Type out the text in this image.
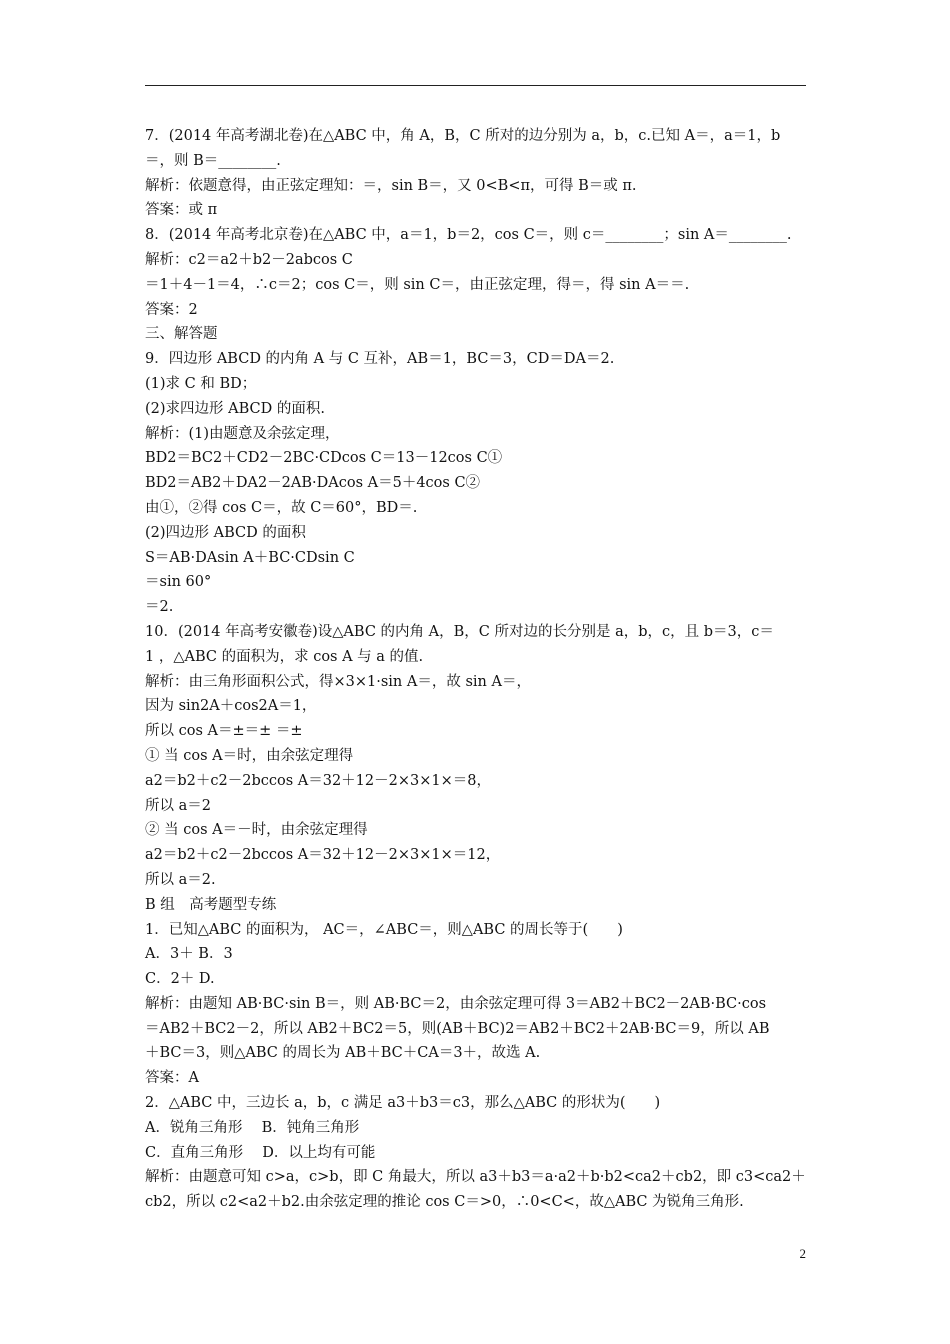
7．(2014 年高考湖北卷)在△ABC 中，角 A，B，C 所对的边分别为 a，b，c.已知 A＝，a＝1，b
＝，则 B＝________.
解析：依题意得，由正弦定理知：＝，sin B＝，又 0<B<π，可得 B＝或 π.
答案：或 π
8．(2014 年高考北京卷)在△ABC 中，a＝1，b＝2，cos C＝，则 c＝________；sin A＝________.
解析：c2＝a2＋b2－2abcos C
＝1＋4－1＝4，∴c＝2；cos C＝，则 sin C＝，由正弦定理，得＝，得 sin A＝＝.
答案：2
三、解答题
9．四边形 ABCD 的内角 A 与 C 互补，AB＝1，BC＝3，CD＝DA＝2.
(1)求 C 和 BD；
(2)求四边形 ABCD 的面积.
解析：(1)由题意及余弦定理，
BD2＝BC2＋CD2－2BC·CDcos C＝13－12cos C①
BD2＝AB2＋DA2－2AB·DAcos A＝5＋4cos C②
由①，②得 cos C＝，故 C＝60°，BD＝.
(2)四边形 ABCD 的面积
S＝AB·DAsin A＋BC·CDsin C
＝sin 60°
＝2.
10．(2014 年高考安徽卷)设△ABC 的内角 A，B，C 所对边的长分别是 a，b，c，且 b＝3，c＝
1 ，△ABC 的面积为，求 cos A 与 a 的值.
解析：由三角形面积公式，得×3×1·sin A＝，故 sin A＝，
因为 sin2A＋cos2A＝1，
所以 cos A＝±＝± ＝±
① 当 cos A＝时，由余弦定理得
a2＝b2＋c2－2bccos A＝32＋12－2×3×1×＝8，
所以 a＝2
② 当 cos A＝－时，由余弦定理得
a2＝b2＋c2－2bccos A＝32＋12－2×3×1×＝12，
所以 a＝2.
B 组　高考题型专练
1．已知△ABC 的面积为， AC＝，∠ABC＝，则△ABC 的周长等于(　　)
A．3＋ B．3
C．2＋ D.
解析：由题知 AB·BC·sin B＝，则 AB·BC＝2，由余弦定理可得 3＝AB2＋BC2－2AB·BC·cos
＝AB2＋BC2－2，所以 AB2＋BC2＝5，则(AB＋BC)2＝AB2＋BC2＋2AB·BC＝9，所以 AB
＋BC＝3，则△ABC 的周长为 AB＋BC＋CA＝3＋，故选 A.
答案：A
2．△ABC 中，三边长 a，b，c 满足 a3＋b3＝c3，那么△ABC 的形状为(　　)
A．锐角三角形　 B．钝角三角形
C．直角三角形　 D．以上均有可能
解析：由题意可知 c>a，c>b，即 C 角最大，所以 a3＋b3＝a·a2＋b·b2<ca2＋cb2，即 c3<ca2＋
cb2，所以 c2<a2＋b2.由余弦定理的推论 cos C＝>0，∴0<C<，故△ABC 为锐角三角形.
2
